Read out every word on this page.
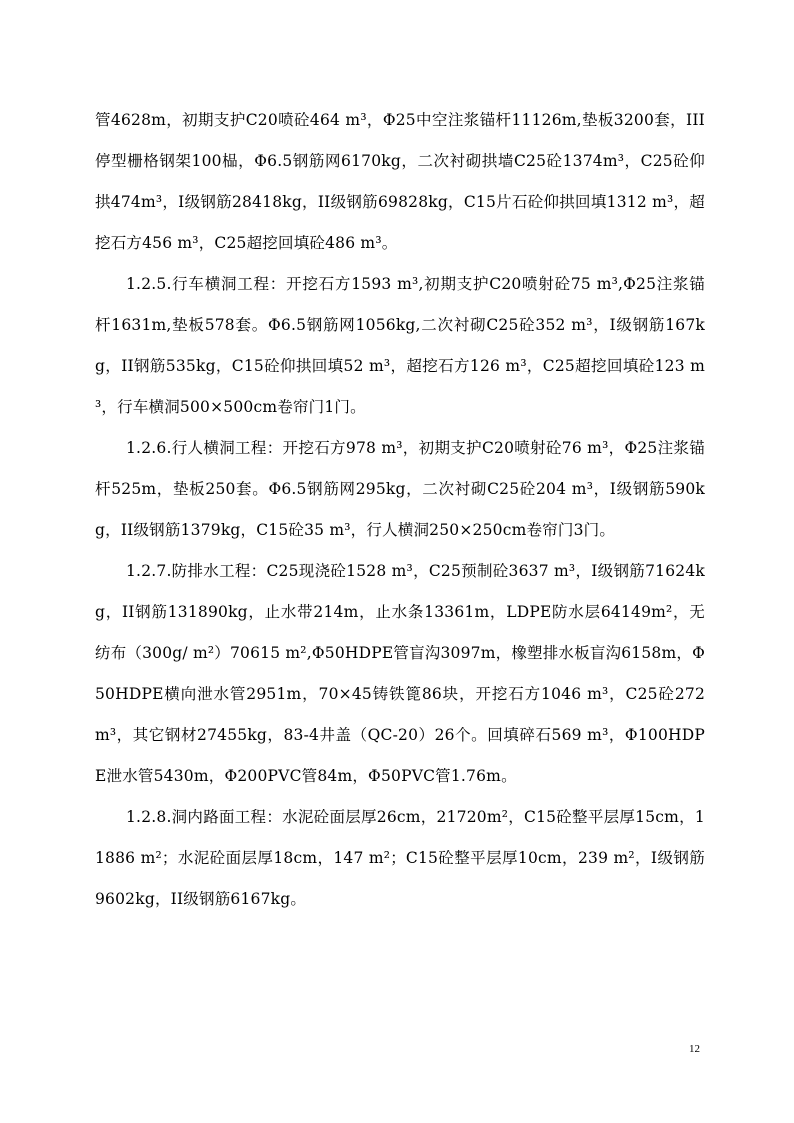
管4628m，初期支护C20喷砼464 m³，Φ25中空注浆锚杆11126m,垫板3200套，III停型栅格钢架100榀，Φ6.5钢筋网6170kg，二次衬砌拱墙C25砼1374m³，C25砼仰拱474m³，I级钢筋28418kg，II级钢筋69828kg，C15片石砼仰拱回填1312 m³，超挖石方456 m³，C25超挖回填砼486 m³。

1.2.5.行车横洞工程：开挖石方1593 m³,初期支护C20喷射砼75 m³,Φ25注浆锚杆1631m,垫板578套。Φ6.5钢筋网1056kg,二次衬砌C25砼352 m³，I级钢筋167kg，II钢筋535kg，C15砼仰拱回填52 m³，超挖石方126 m³，C25超挖回填砼123 m³，行车横洞500×500cm卷帘门1门。

1.2.6.行人横洞工程：开挖石方978 m³，初期支护C20喷射砼76 m³，Φ25注浆锚杆525m，垫板250套。Φ6.5钢筋网295kg，二次衬砌C25砼204 m³，I级钢筋590kg，II级钢筋1379kg，C15砼35 m³，行人横洞250×250cm卷帘门3门。

1.2.7.防排水工程：C25现浇砼1528 m³，C25预制砼3637 m³，I级钢筋71624kg，II钢筋131890kg，止水带214m，止水条13361m，LDPE防水层64149m²，无纺布（300g/ m²）70615 m²,Φ50HDPE管盲沟3097m，橡塑排水板盲沟6158m，Φ50HDPE横向泄水管2951m，70×45铸铁篦86块，开挖石方1046 m³，C25砼272 m³，其它钢材27455kg，83-4井盖（QC-20）26个。回填碎石569 m³，Φ100HDPE泄水管5430m，Φ200PVC管84m，Φ50PVC管1.76m。

1.2.8.洞内路面工程：水泥砼面层厚26cm，21720m²，C15砼整平层厚15cm，11886 m²；水泥砼面层厚18cm，147 m²；C15砼整平层厚10cm，239 m²，I级钢筋9602kg，II级钢筋6167kg。

12
